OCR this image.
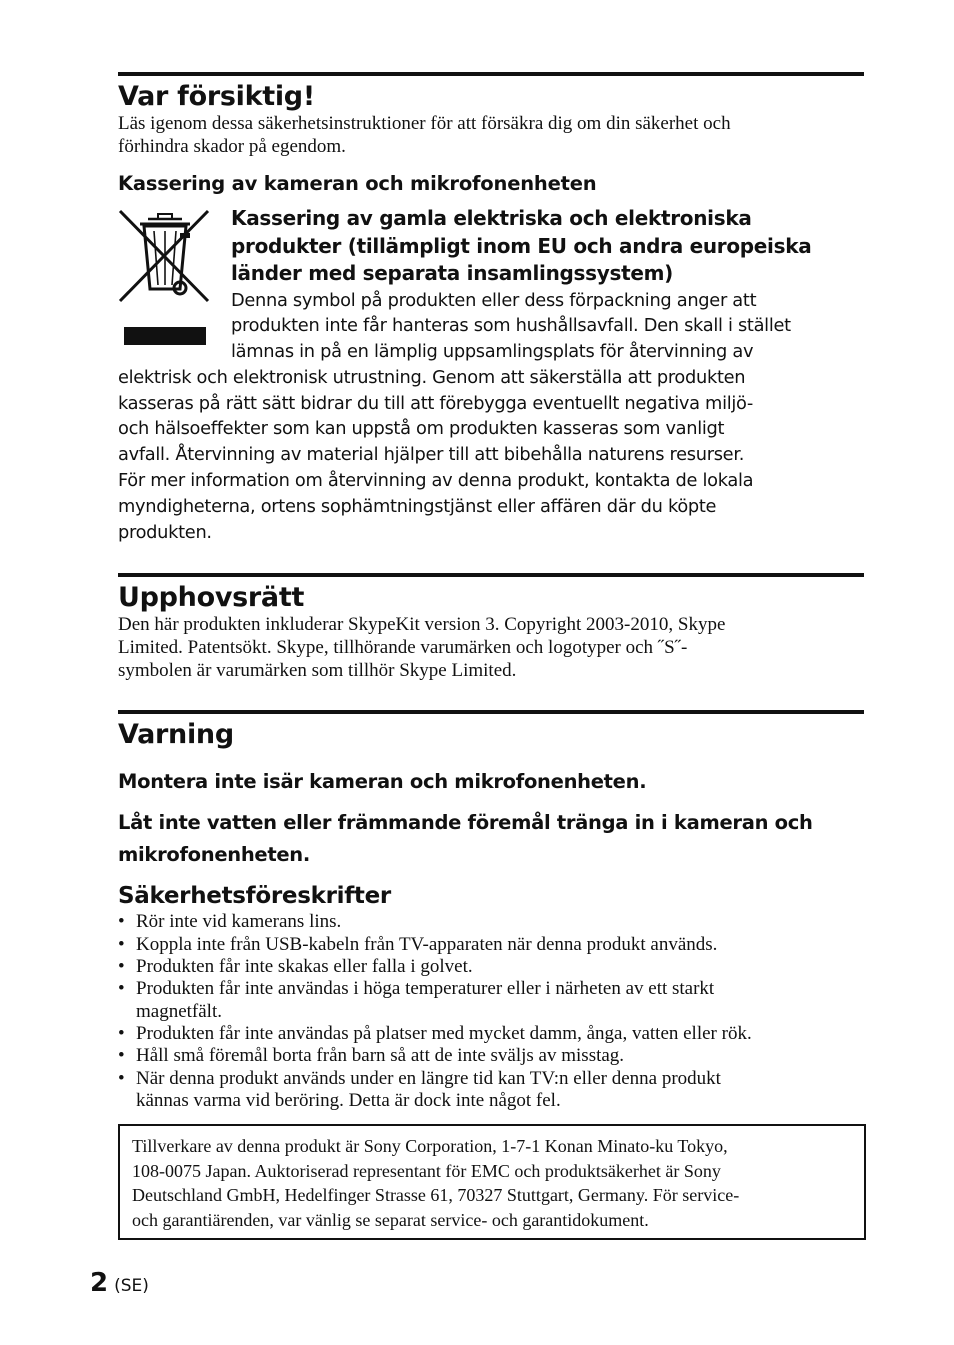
Var försiktig!

Läs igenom dessa säkerhetsinstruktioner för att försäkra dig om din säkerhet och
förhindra skador på egendom.

Kassering av kameran och mikrofonenheten

Kassering av gamla elektriska och elektroniska
produkter (tillämpligt inom EU och andra europeiska
länder med separata insamlingssystem)

Denna symbol på produkten eller dess förpackning anger att
produkten inte får hanteras som hushållsavfall. Den skall i stället
lämnas in på en lämplig uppsamlingsplats för återvinning av
elektrisk och elektronisk utrustning. Genom att säkerställa att produkten
kasseras på rätt sätt bidrar du till att förebygga eventuellt negativa miljö-
och hälsoeffekter som kan uppstå om produkten kasseras som vanligt
avfall. Återvinning av material hjälper till att bibehålla naturens resurser.
För mer information om återvinning av denna produkt, kontakta de lokala
myndigheterna, ortens sophämtningstjänst eller affären där du köpte
produkten.

Upphovsrätt

Den här produkten inkluderar SkypeKit version 3. Copyright 2003-2010, Skype
Limited. Patentsökt. Skype, tillhörande varumärken och logotyper och ˝S˝-
symbolen är varumärken som tillhör Skype Limited.

Varning

Montera inte isär kameran och mikrofonenheten.

Låt inte vatten eller främmande föremål tränga in i kameran och
mikrofonenheten.

Säkerhetsföreskrifter
• Rör inte vid kamerans lins.
• Koppla inte från USB-kabeln från TV-apparaten när denna produkt används.
• Produkten får inte skakas eller falla i golvet.
• Produkten får inte användas i höga temperaturer eller i närheten av ett starkt
magnetfält.
• Produkten får inte användas på platser med mycket damm, ånga, vatten eller rök.
• Håll små föremål borta från barn så att de inte sväljs av misstag.
• När denna produkt används under en längre tid kan TV:n eller denna produkt
kännas varma vid beröring. Detta är dock inte något fel.

Tillverkare av denna produkt är Sony Corporation, 1-7-1 Konan Minato-ku Tokyo,
108-0075 Japan. Auktoriserad representant för EMC och produktsäkerhet är Sony
Deutschland GmbH, Hedelfinger Strasse 61, 70327 Stuttgart, Germany. För service-
och garantiärenden, var vänlig se separat service- och garantidokument.

2 (SE)
